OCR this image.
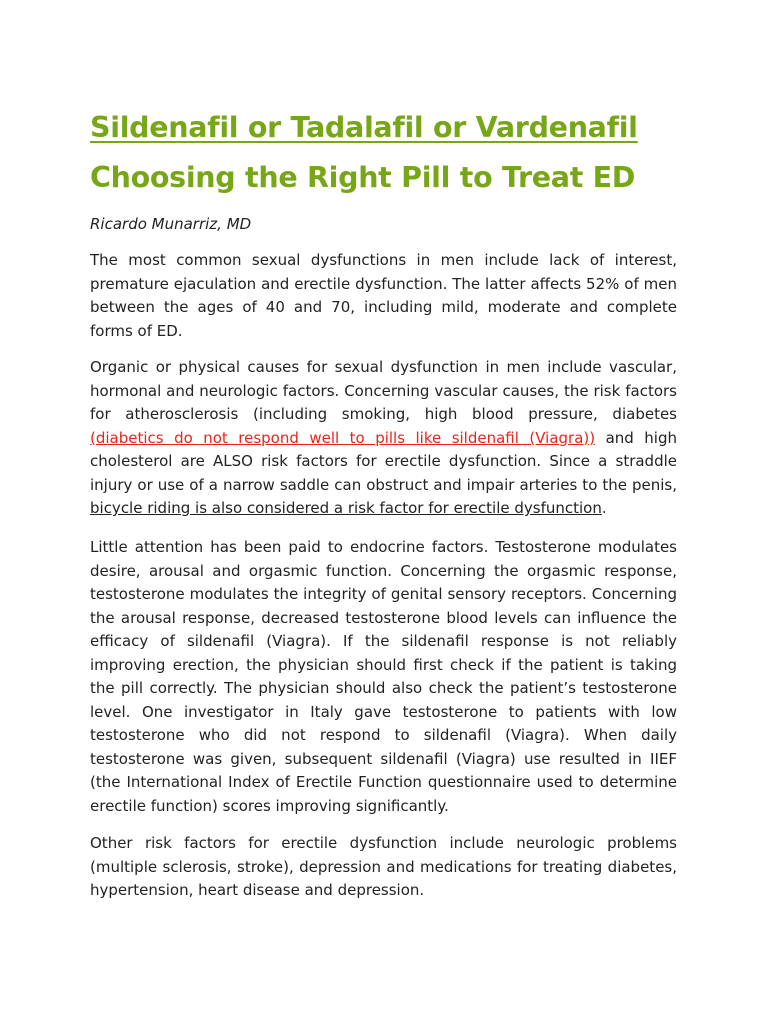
Sildenafil or Tadalafil or Vardenafil
Choosing the Right Pill to Treat ED

Ricardo Munarriz, MD

The most common sexual dysfunctions in men include lack of interest, premature ejaculation and erectile dysfunction. The latter affects 52% of men between the ages of 40 and 70, including mild, moderate and complete forms of ED.

Organic or physical causes for sexual dysfunction in men include vascular, hormonal and neurologic factors. Concerning vascular causes, the risk factors for atherosclerosis (including smoking, high blood pressure, diabetes (diabetics do not respond well to pills like sildenafil (Viagra)) and high cholesterol are ALSO risk factors for erectile dysfunction. Since a straddle injury or use of a narrow saddle can obstruct and impair arteries to the penis, bicycle riding is also considered a risk factor for erectile dysfunction.

Little attention has been paid to endocrine factors. Testosterone modulates desire, arousal and orgasmic function. Concerning the orgasmic response, testosterone modulates the integrity of genital sensory receptors. Concerning the arousal response, decreased testosterone blood levels can influence the efficacy of sildenafil (Viagra). If the sildenafil response is not reliably improving erection, the physician should first check if the patient is taking the pill correctly. The physician should also check the patient’s testosterone level. One investigator in Italy gave testosterone to patients with low testosterone who did not respond to sildenafil (Viagra). When daily testosterone was given, subsequent sildenafil (Viagra) use resulted in IIEF (the International Index of Erectile Function questionnaire used to determine erectile function) scores improving significantly.

Other risk factors for erectile dysfunction include neurologic problems (multiple sclerosis, stroke), depression and medications for treating diabetes, hypertension, heart disease and depression.
